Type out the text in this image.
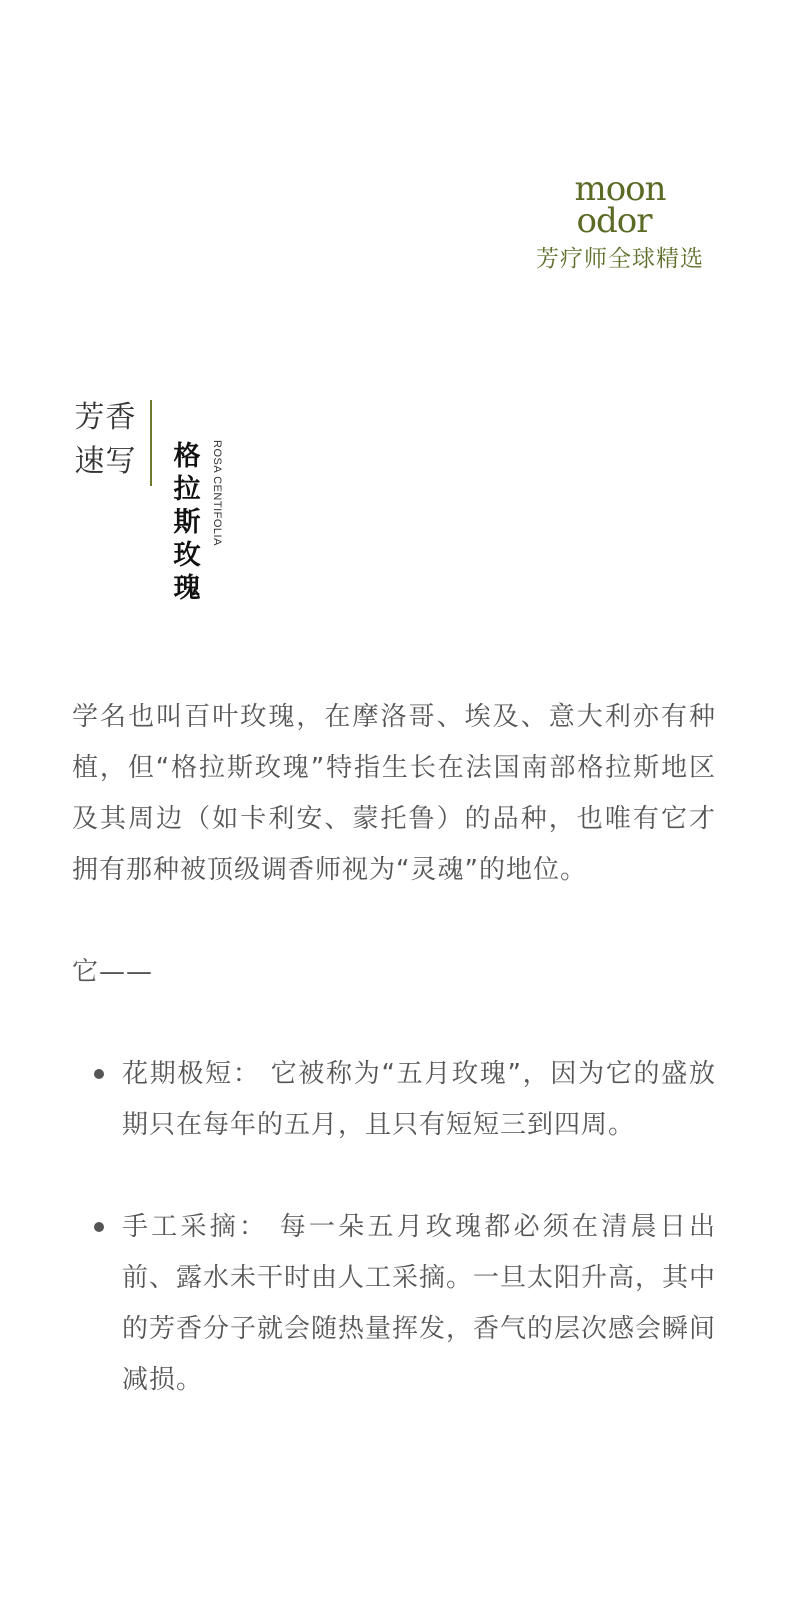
moon
odor
芳疗师全球精选
芳 香
速 写 格拉斯玫瑰
ROSA CENTIFOLIA

学名也叫百叶玫瑰，在摩洛哥、埃及、意大利亦有种植，但“格拉斯玫瑰”特指生长在法国南部格拉斯地区及其周边（如卡利安、蒙托鲁）的品种，也唯有它才拥有那种被顶级调香师视为“灵魂”的地位。

它——

花期极短： 它被称为“五月玫瑰”，因为它的盛放期只在每年的五月，且只有短短三到四周。
手工采摘： 每一朵五月玫瑰都必须在清晨日出前、露水未干时由人工采摘。一旦太阳升高，其中的芳香分子就会随热量挥发，香气的层次感会瞬间减损。
